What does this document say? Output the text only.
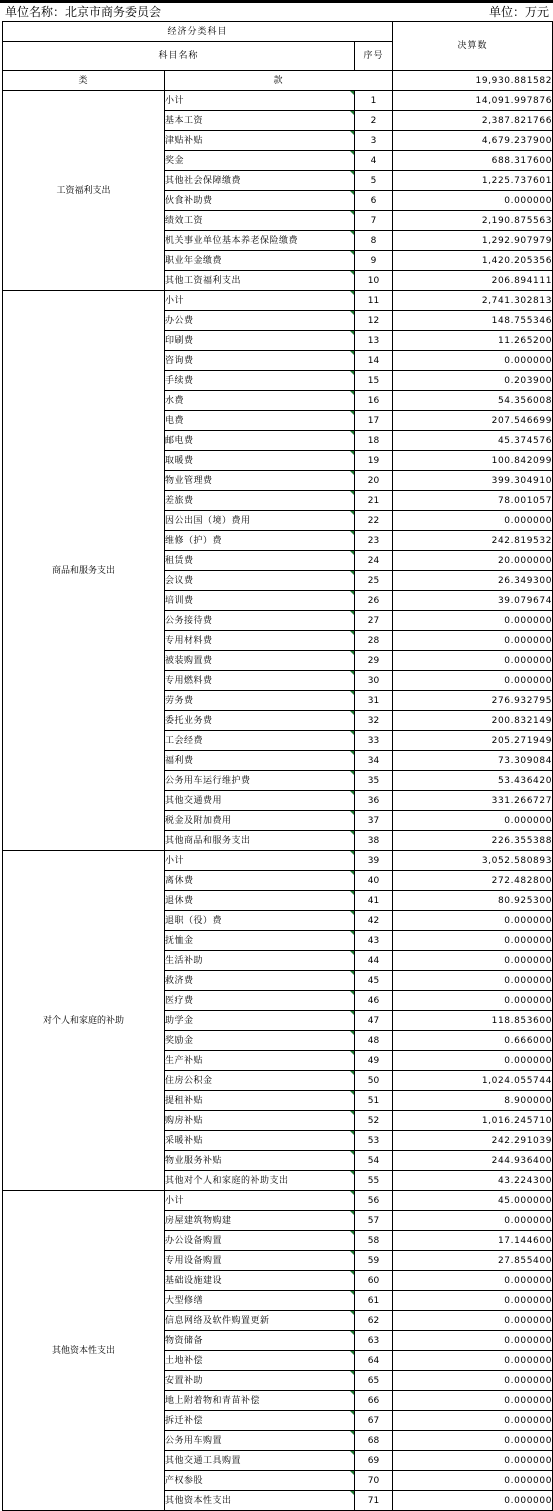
单位名称：北京市商务委员会	单位：万元
经济分类科目			决算数
科目名称		序号	
类	款		19,930.881582
工资福利支出	小计	1	14,091.997876
	基本工资	2	2,387.821766
	津贴补贴	3	4,679.237900
	奖金	4	688.317600
	其他社会保障缴费	5	1,225.737601
	伙食补助费	6	0.000000
	绩效工资	7	2,190.875563
	机关事业单位基本养老保险缴费	8	1,292.907979
	职业年金缴费	9	1,420.205356
	其他工资福利支出	10	206.894111
商品和服务支出	小计	11	2,741.302813
	办公费	12	148.755346
	印刷费	13	11.265200
	咨询费	14	0.000000
	手续费	15	0.203900
	水费	16	54.356008
	电费	17	207.546699
	邮电费	18	45.374576
	取暖费	19	100.842099
	物业管理费	20	399.304910
	差旅费	21	78.001057
	因公出国（境）费用	22	0.000000
	维修（护）费	23	242.819532
	租赁费	24	20.000000
	会议费	25	26.349300
	培训费	26	39.079674
	公务接待费	27	0.000000
	专用材料费	28	0.000000
	被装购置费	29	0.000000
	专用燃料费	30	0.000000
	劳务费	31	276.932795
	委托业务费	32	200.832149
	工会经费	33	205.271949
	福利费	34	73.309084
	公务用车运行维护费	35	53.436420
	其他交通费用	36	331.266727
	税金及附加费用	37	0.000000
	其他商品和服务支出	38	226.355388
对个人和家庭的补助	小计	39	3,052.580893
	离休费	40	272.482800
	退休费	41	80.925300
	退职（役）费	42	0.000000
	抚恤金	43	0.000000
	生活补助	44	0.000000
	救济费	45	0.000000
	医疗费	46	0.000000
	助学金	47	118.853600
	奖励金	48	0.666000
	生产补贴	49	0.000000
	住房公积金	50	1,024.055744
	提租补贴	51	8.900000
	购房补贴	52	1,016.245710
	采暖补贴	53	242.291039
	物业服务补贴	54	244.936400
	其他对个人和家庭的补助支出	55	43.224300
其他资本性支出	小计	56	45.000000
	房屋建筑物购建	57	0.000000
	办公设备购置	58	17.144600
	专用设备购置	59	27.855400
	基础设施建设	60	0.000000
	大型修缮	61	0.000000
	信息网络及软件购置更新	62	0.000000
	物资储备	63	0.000000
	土地补偿	64	0.000000
	安置补助	65	0.000000
	地上附着物和青苗补偿	66	0.000000
	拆迁补偿	67	0.000000
	公务用车购置	68	0.000000
	其他交通工具购置	69	0.000000
	产权参股	70	0.000000
	其他资本性支出	71	0.000000
